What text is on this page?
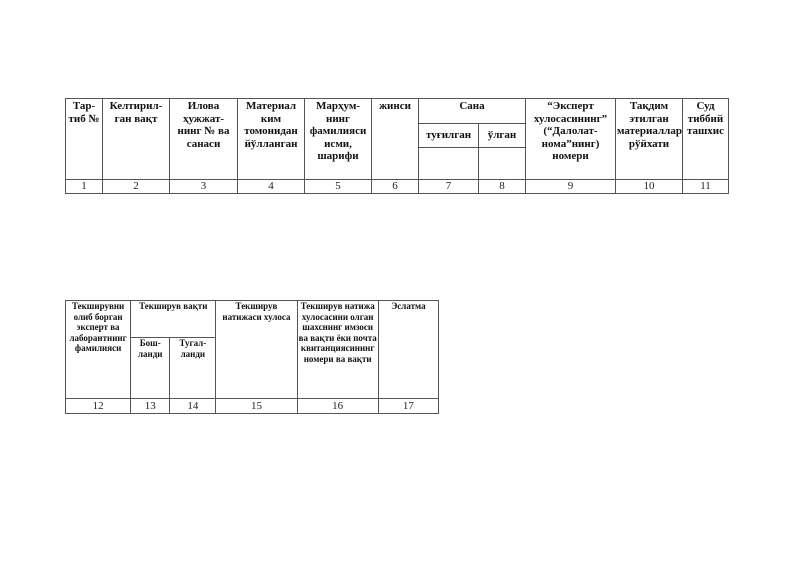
Тар-тиб №	Келтирил-ган вақт	Илова ҳужжат-нинг № ва санаси	Материал ким томонидан йўлланган	Марҳум-нинг фамилияси исми, шарифи	жинси	Сана		“Эксперт хулосасининг” (“Далолат-нома”нинг) номери	Тақдим этилган материаллар рўйхати	Суд тиббий ташхис
						туғилган	ўлган			

1	2	3	4	5	6	7	8	9	10	11
Текширувни олиб борган эксперт ва лаборантнинг фамилияси	Текширув вақти		Текширув натижаси хулоса	Текширув натижа хулосасини олган шахснинг имзоси ва вақти ёки почта квитанциясининг номери ва вақти	Эслатма
	Бош-ланди	Тугал-ланди			
12	13	14	15	16	17
